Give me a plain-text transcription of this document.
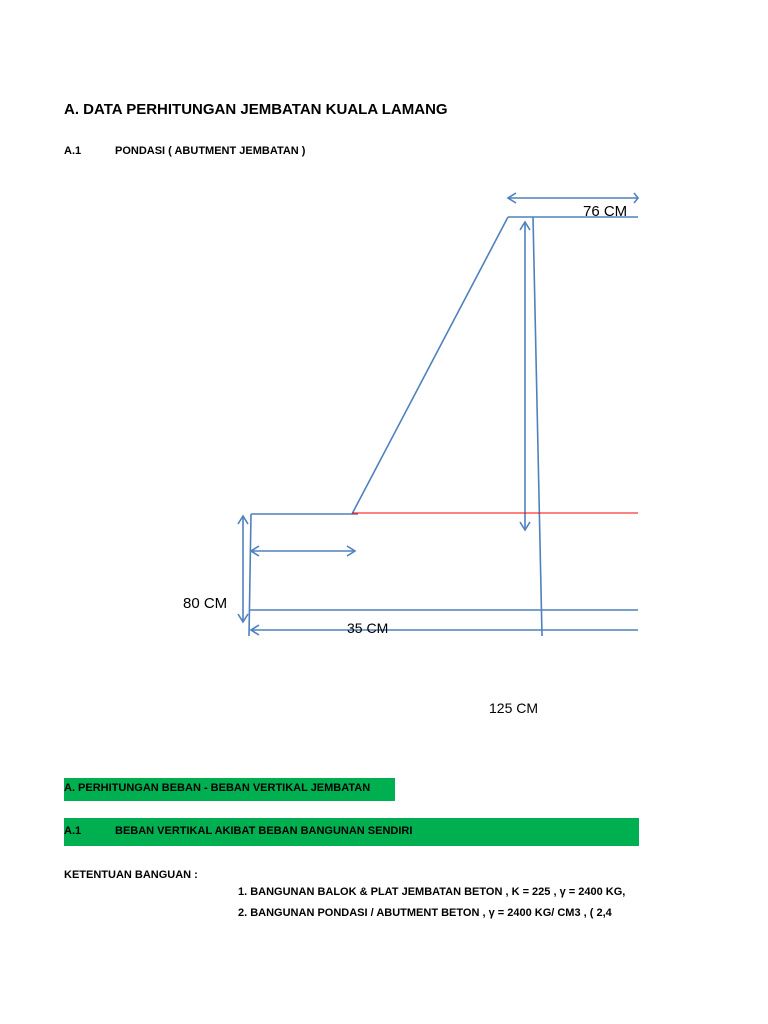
A. DATA PERHITUNGAN JEMBATAN KUALA LAMANG
A.1	PONDASI ( ABUTMENT JEMBATAN )
76 CM
80 CM
35 CM
125 CM
A. PERHITUNGAN BEBAN - BEBAN VERTIKAL JEMBATAN
A.1	BEBAN VERTIKAL AKIBAT BEBAN BANGUNAN SENDIRI
KETENTUAN BANGUAN :
1. BANGUNAN BALOK & PLAT JEMBATAN BETON , K = 225 , γ = 2400 KG,
2. BANGUNAN PONDASI / ABUTMENT BETON , γ = 2400 KG/ CM3 , ( 2,4
